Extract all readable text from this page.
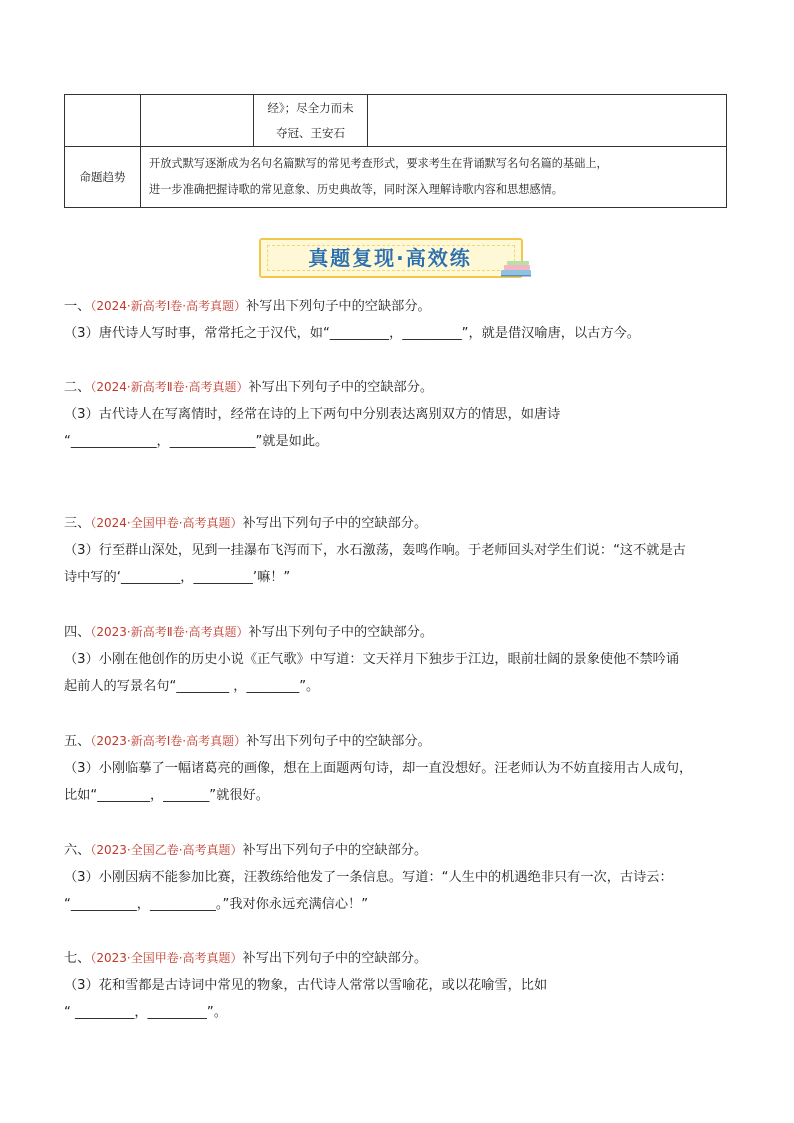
		经》；尽全力而未
夺冠、王安石	

命题趋势	开放式默写逐渐成为名句名篇默写的常见考查形式，要求考生在背诵默写名句名篇的基础上，
进一步准确把握诗歌的常见意象、历史典故等，同时深入理解诗歌内容和思想感情。		
真题复现·高效练

一、（2024·新高考Ⅰ卷·高考真题）补写出下列句子中的空缺部分。

（3）唐代诗人写时事，常常托之于汉代，如“_________，_________”，就是借汉喻唐，以古方今。

二、（2024·新高考Ⅱ卷·高考真题）补写出下列句子中的空缺部分。

（3）古代诗人在写离情时，经常在诗的上下两句中分别表达离别双方的情思，如唐诗

“_____________，_____________”就是如此。

三、（2024·全国甲卷·高考真题）补写出下列句子中的空缺部分。

（3）行至群山深处，见到一挂瀑布飞泻而下，水石激荡，轰鸣作响。于老师回头对学生们说：“这不就是古

诗中写的‘_________，_________’嘛！”

四、（2023·新高考Ⅱ卷·高考真题）补写出下列句子中的空缺部分。

（3）小刚在他创作的历史小说《正气歌》中写道：文天祥月下独步于江边，眼前壮阔的景象使他不禁吟诵

起前人的写景名句“________ ，________”。

五、（2023·新高考Ⅰ卷·高考真题）补写出下列句子中的空缺部分。

（3）小刚临摹了一幅诸葛亮的画像，想在上面题两句诗，却一直没想好。汪老师认为不妨直接用古人成句，

比如“________，_______”就很好。

六、（2023·全国乙卷·高考真题）补写出下列句子中的空缺部分。

（3）小刚因病不能参加比赛，汪教练给他发了一条信息。写道：“人生中的机遇绝非只有一次，古诗云：

“__________，__________。”我对你永远充满信心！”

七、（2023·全国甲卷·高考真题）补写出下列句子中的空缺部分。

（3）花和雪都是古诗词中常见的物象，古代诗人常常以雪喻花，或以花喻雪，比如

“ _________，_________”。
